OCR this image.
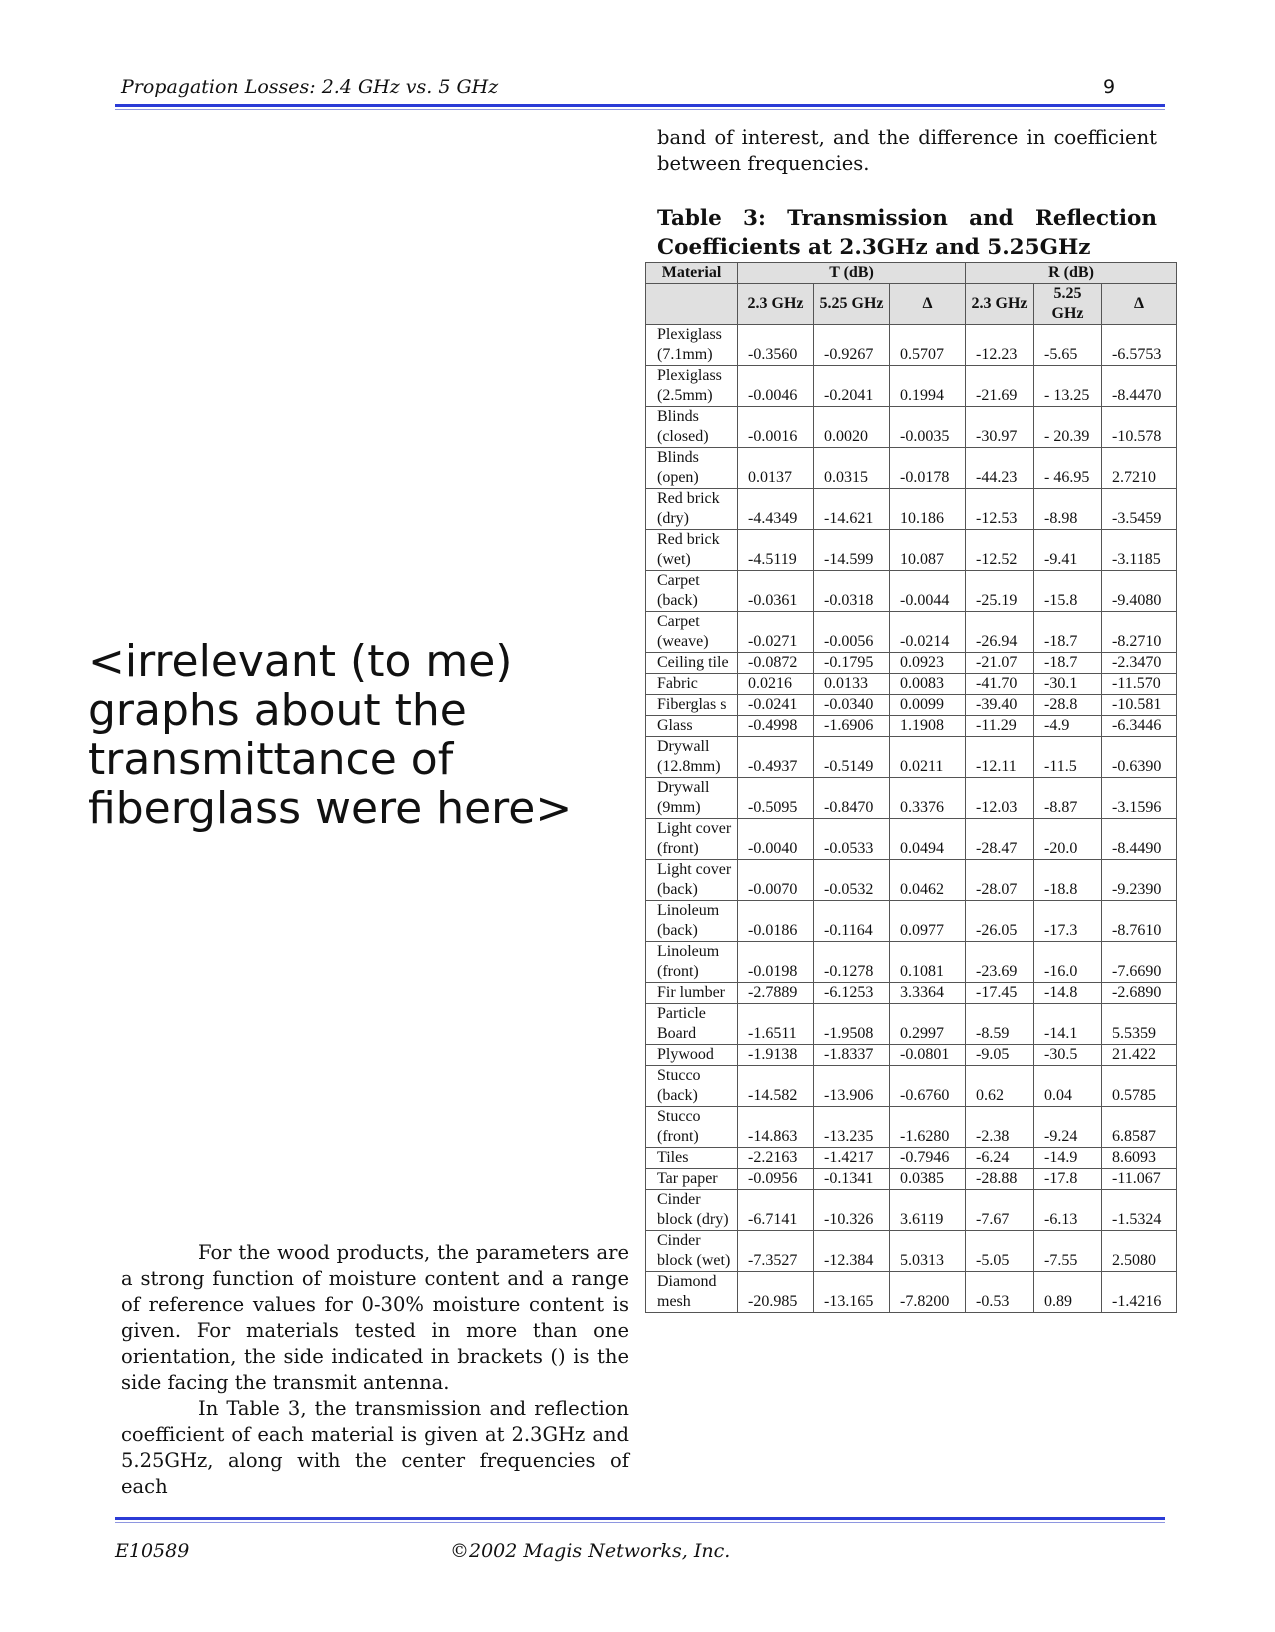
Propagation Losses: 2.4 GHz vs. 5 GHz	9
band of interest, and the difference in coefficient between frequencies.
Table 3: Transmission and Reflection
Coefficients at 2.3GHz and 5.25GHz
Material	T (dB)			R (dB)		
	2.3 GHz	5.25 GHz	Δ	2.3 GHz	5.25 GHz	Δ
Plexiglass (7.1mm)	-0.3560	-0.9267	0.5707	-12.23	-5.65	-6.5753
Plexiglass (2.5mm)	-0.0046	-0.2041	0.1994	-21.69	- 13.25	-8.4470
Blinds (closed)	-0.0016	0.0020	-0.0035	-30.97	- 20.39	-10.578
Blinds (open)	0.0137	0.0315	-0.0178	-44.23	- 46.95	2.7210
Red brick (dry)	-4.4349	-14.621	10.186	-12.53	-8.98	-3.5459
Red brick (wet)	-4.5119	-14.599	10.087	-12.52	-9.41	-3.1185
Carpet (back)	-0.0361	-0.0318	-0.0044	-25.19	-15.8	-9.4080
Carpet (weave)	-0.0271	-0.0056	-0.0214	-26.94	-18.7	-8.2710
Ceiling tile	-0.0872	-0.1795	0.0923	-21.07	-18.7	-2.3470
Fabric	0.0216	0.0133	0.0083	-41.70	-30.1	-11.570
Fiberglas s	-0.0241	-0.0340	0.0099	-39.40	-28.8	-10.581
Glass	-0.4998	-1.6906	1.1908	-11.29	-4.9	-6.3446
Drywall (12.8mm)	-0.4937	-0.5149	0.0211	-12.11	-11.5	-0.6390
Drywall (9mm)	-0.5095	-0.8470	0.3376	-12.03	-8.87	-3.1596
Light cover (front)	-0.0040	-0.0533	0.0494	-28.47	-20.0	-8.4490
Light cover (back)	-0.0070	-0.0532	0.0462	-28.07	-18.8	-9.2390
Linoleum (back)	-0.0186	-0.1164	0.0977	-26.05	-17.3	-8.7610
Linoleum (front)	-0.0198	-0.1278	0.1081	-23.69	-16.0	-7.6690
Fir lumber	-2.7889	-6.1253	3.3364	-17.45	-14.8	-2.6890
Particle Board	-1.6511	-1.9508	0.2997	-8.59	-14.1	5.5359
Plywood	-1.9138	-1.8337	-0.0801	-9.05	-30.5	21.422
Stucco (back)	-14.582	-13.906	-0.6760	0.62	0.04	0.5785
Stucco (front)	-14.863	-13.235	-1.6280	-2.38	-9.24	6.8587
Tiles	-2.2163	-1.4217	-0.7946	-6.24	-14.9	8.6093
Tar paper	-0.0956	-0.1341	0.0385	-28.88	-17.8	-11.067
Cinder block (dry)	-6.7141	-10.326	3.6119	-7.67	-6.13	-1.5324
Cinder block (wet)	-7.3527	-12.384	5.0313	-5.05	-7.55	2.5080
Diamond mesh	-20.985	-13.165	-7.8200	-0.53	0.89	-1.4216
<irrelevant (to me) graphs about the transmittance of fiberglass were here>

For the wood products, the parameters are a strong function of moisture content and a range of reference values for 0-30% moisture content is given. For materials tested in more than one orientation, the side indicated in brackets () is the side facing the transmit antenna.

In Table 3, the transmission and reflection coefficient of each material is given at 2.3GHz and 5.25GHz, along with the center frequencies of each

E10589	©2002 Magis Networks, Inc.
